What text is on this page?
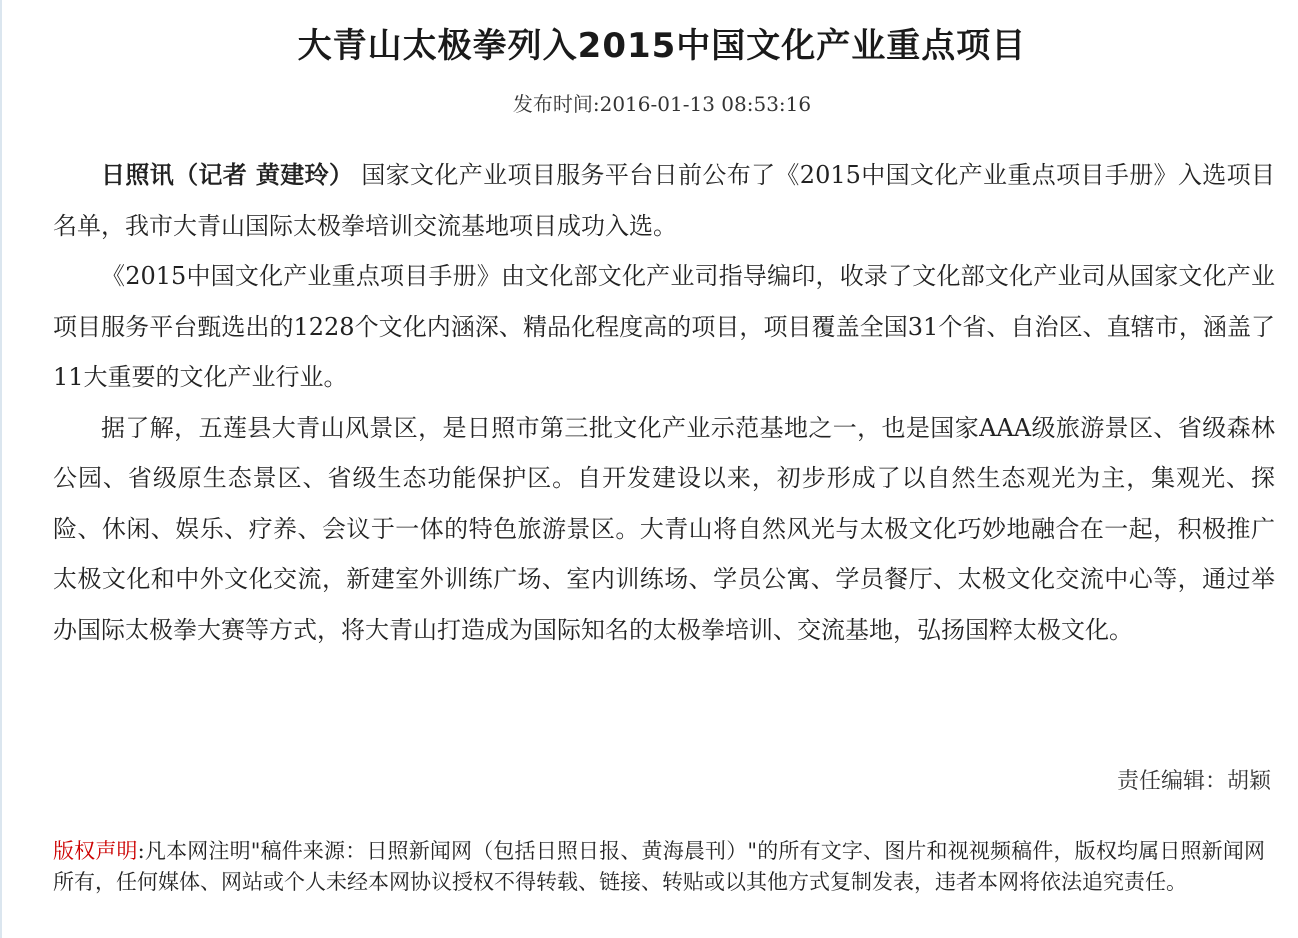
大青山太极拳列入2015中国文化产业重点项目
发布时间:2016-01-13 08:53:16

日照讯（记者 黄建玲） 国家文化产业项目服务平台日前公布了《2015中国文化产业重点项目手册》入选项目名单，我市大青山国际太极拳培训交流基地项目成功入选。

《2015中国文化产业重点项目手册》由文化部文化产业司指导编印，收录了文化部文化产业司从国家文化产业项目服务平台甄选出的1228个文化内涵深、精品化程度高的项目，项目覆盖全国31个省、自治区、直辖市，涵盖了11大重要的文化产业行业。

据了解，五莲县大青山风景区，是日照市第三批文化产业示范基地之一，也是国家AAA级旅游景区、省级森林公园、省级原生态景区、省级生态功能保护区。自开发建设以来，初步形成了以自然生态观光为主，集观光、探险、休闲、娱乐、疗养、会议于一体的特色旅游景区。大青山将自然风光与太极文化巧妙地融合在一起，积极推广太极文化和中外文化交流，新建室外训练广场、室内训练场、学员公寓、学员餐厅、太极文化交流中心等，通过举办国际太极拳大赛等方式，将大青山打造成为国际知名的太极拳培训、交流基地，弘扬国粹太极文化。

责任编辑：胡颖
版权声明:凡本网注明"稿件来源：日照新闻网（包括日照日报、黄海晨刊）"的所有文字、图片和视视频稿件，版权均属日照新闻网所有，任何媒体、网站或个人未经本网协议授权不得转载、链接、转贴或以其他方式复制发表，违者本网将依法追究责任。
